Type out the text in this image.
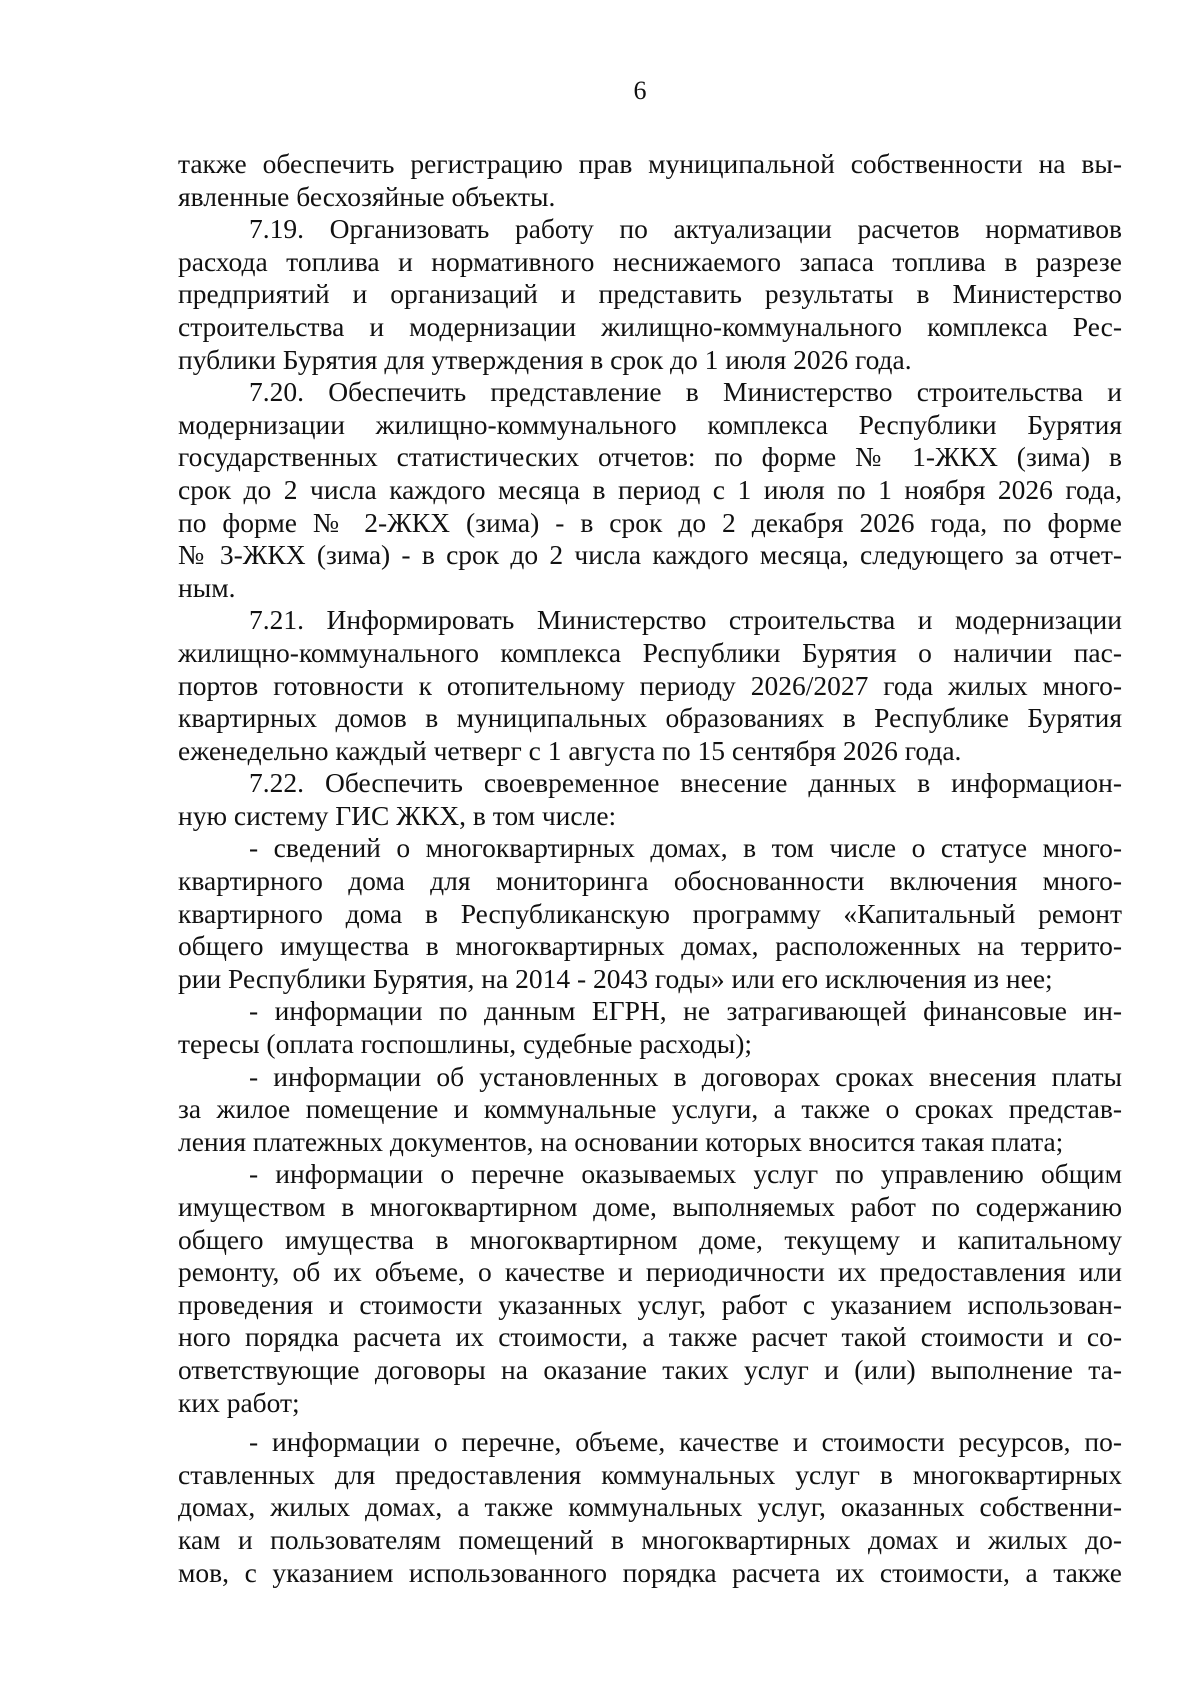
6

также обеспечить регистрацию прав муниципальной собственности на вы-

явленные бесхозяйные объекты.

7.19. Организовать работу по актуализации расчетов нормативов

расхода топлива и нормативного неснижаемого запаса топлива в разрезе

предприятий и организаций и представить результаты в Министерство

строительства и модернизации жилищно-коммунального комплекса Рес-

публики Бурятия для утверждения в срок до 1 июля 2026 года.

7.20. Обеспечить представление в Министерство строительства и

модернизации жилищно-коммунального комплекса Республики Бурятия

государственных статистических отчетов: по форме № 1-ЖКХ (зима) в

срок до 2 числа каждого месяца в период с 1 июля по 1 ноября 2026 года,

по форме № 2-ЖКХ (зима) - в срок до 2 декабря 2026 года, по форме

№ 3-ЖКХ (зима) - в срок до 2 числа каждого месяца, следующего за отчет-

ным.

7.21. Информировать Министерство строительства и модернизации

жилищно-коммунального комплекса Республики Бурятия о наличии пас-

портов готовности к отопительному периоду 2026/2027 года жилых много-

квартирных домов в муниципальных образованиях в Республике Бурятия

еженедельно каждый четверг с 1 августа по 15 сентября 2026 года.

7.22. Обеспечить своевременное внесение данных в информацион-

ную систему ГИС ЖКХ, в том числе:

- сведений о многоквартирных домах, в том числе о статусе много-

квартирного дома для мониторинга обоснованности включения много-

квартирного дома в Республиканскую программу «Капитальный ремонт

общего имущества в многоквартирных домах, расположенных на террито-

рии Республики Бурятия, на 2014 - 2043 годы» или его исключения из нее;

- информации по данным ЕГРН, не затрагивающей финансовые ин-

тересы (оплата госпошлины, судебные расходы);

- информации об установленных в договорах сроках внесения платы

за жилое помещение и коммунальные услуги, а также о сроках представ-

ления платежных документов, на основании которых вносится такая плата;

- информации о перечне оказываемых услуг по управлению общим

имуществом в многоквартирном доме, выполняемых работ по содержанию

общего имущества в многоквартирном доме, текущему и капитальному

ремонту, об их объеме, о качестве и периодичности их предоставления или

проведения и стоимости указанных услуг, работ с указанием использован-

ного порядка расчета их стоимости, а также расчет такой стоимости и со-

ответствующие договоры на оказание таких услуг и (или) выполнение та-

ких работ;

- информации о перечне, объеме, качестве и стоимости ресурсов, по-

ставленных для предоставления коммунальных услуг в многоквартирных

домах, жилых домах, а также коммунальных услуг, оказанных собственни-

кам и пользователям помещений в многоквартирных домах и жилых до-

мов, с указанием использованного порядка расчета их стоимости, а также
